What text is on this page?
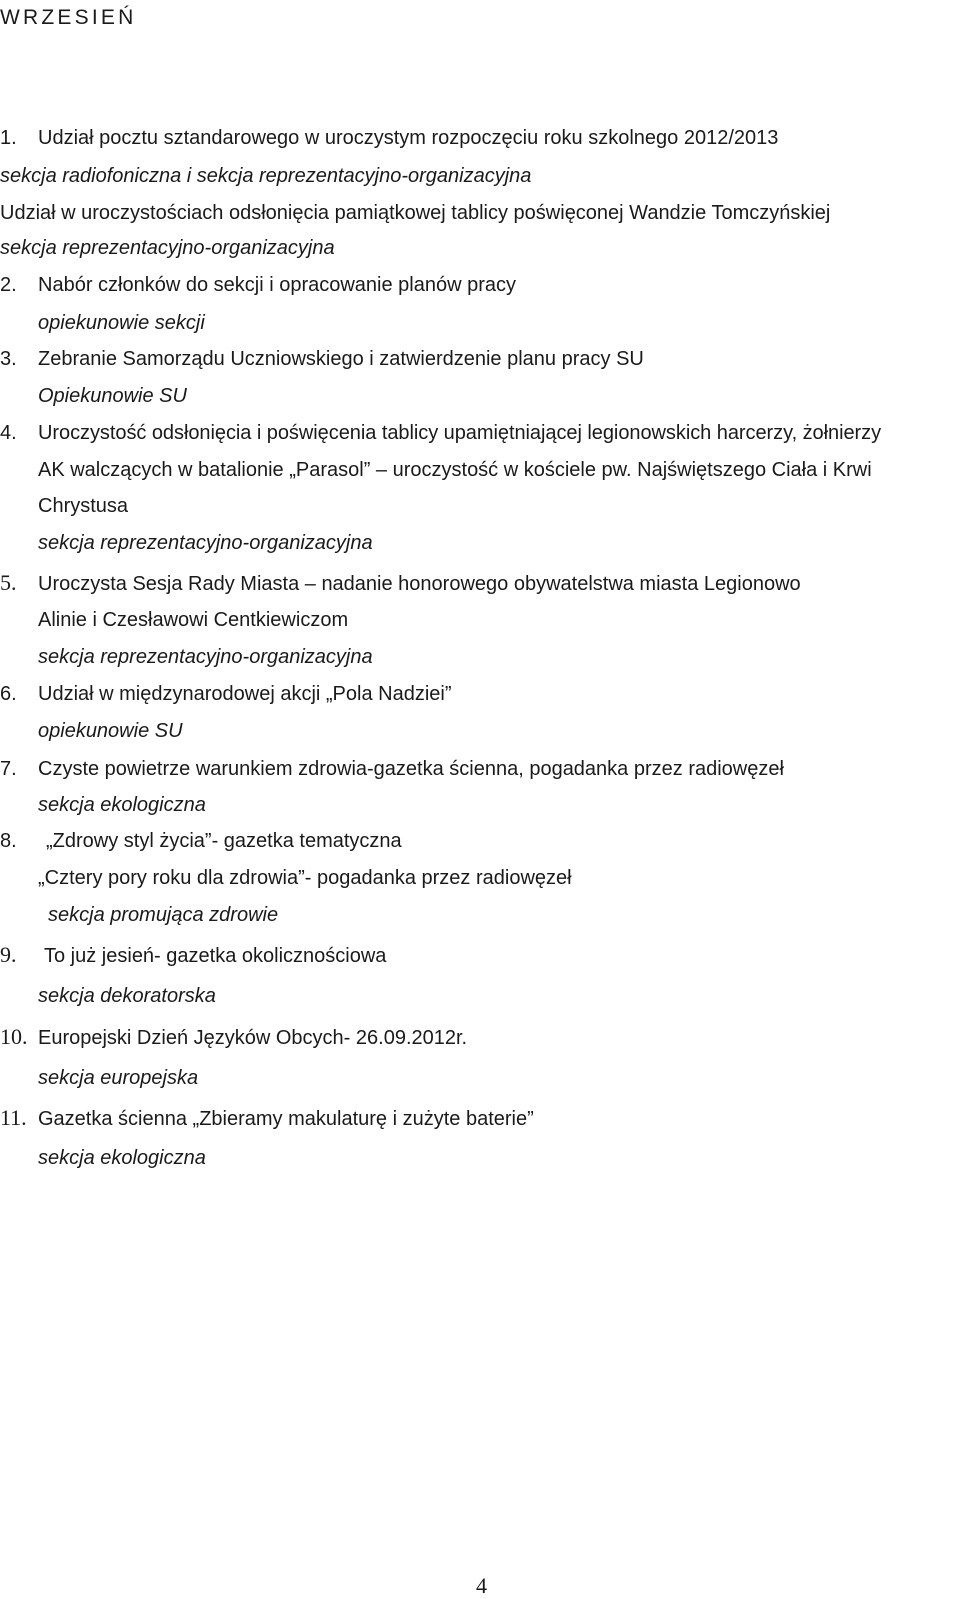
WRZESIEŃ
1. Udział pocztu sztandarowego w uroczystym rozpoczęciu roku szkolnego 2012/2013
sekcja radiofoniczna i sekcja reprezentacyjno-organizacyjna
Udział w uroczystościach odsłonięcia pamiątkowej tablicy poświęconej Wandzie Tomczyńskiej
sekcja reprezentacyjno-organizacyjna
2. Nabór członków do sekcji i opracowanie planów pracy
opiekunowie sekcji
3. Zebranie Samorządu Uczniowskiego i zatwierdzenie planu pracy SU
Opiekunowie SU
4. Uroczystość odsłonięcia i poświęcenia tablicy upamiętniającej legionowskich harcerzy, żołnierzy
AK walczących w batalionie „Parasol” – uroczystość w kościele pw. Najświętszego Ciała i Krwi
Chrystusa
sekcja reprezentacyjno-organizacyjna
5. Uroczysta Sesja Rady Miasta – nadanie honorowego obywatelstwa miasta Legionowo
Alinie i Czesławowi Centkiewiczom
sekcja reprezentacyjno-organizacyjna
6. Udział w międzynarodowej akcji „Pola Nadziei”
opiekunowie SU
7. Czyste powietrze warunkiem zdrowia-gazetka ścienna, pogadanka przez radiowęzeł
sekcja ekologiczna
8. „Zdrowy styl życia”- gazetka tematyczna
„Cztery pory roku dla zdrowia”- pogadanka przez radiowęzeł
sekcja promująca zdrowie
9. To już jesień- gazetka okolicznościowa
sekcja dekoratorska
10. Europejski Dzień Języków Obcych- 26.09.2012r.
sekcja europejska
11. Gazetka ścienna „Zbieramy makulaturę i zużyte baterie”
sekcja ekologiczna
4
